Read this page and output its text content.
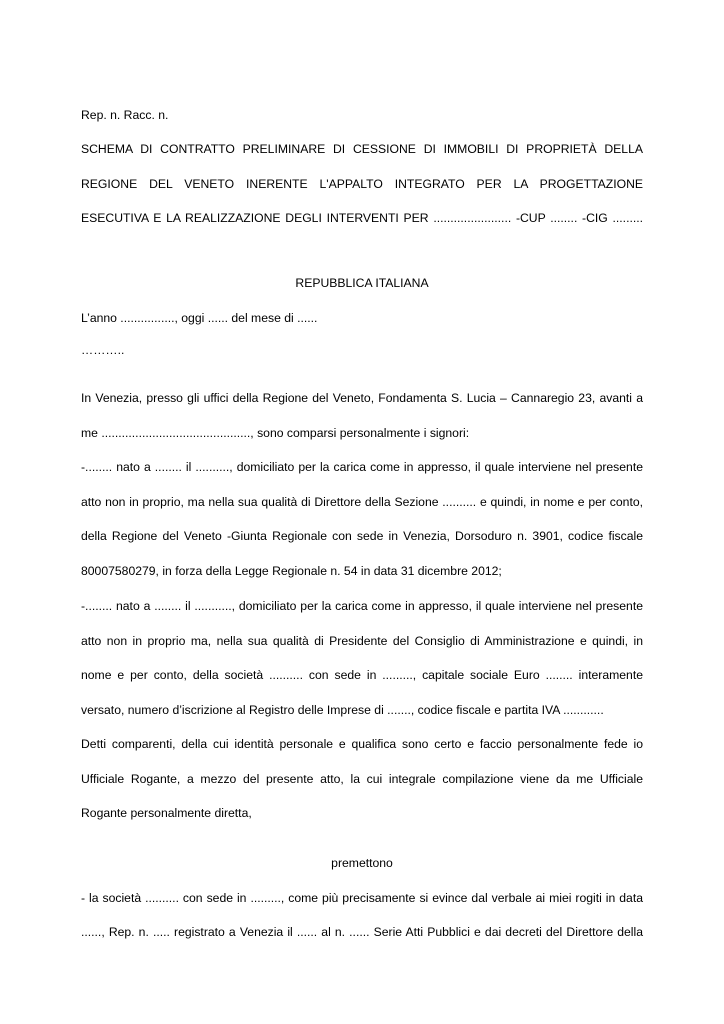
Rep. n. Racc. n.
SCHEMA DI CONTRATTO PRELIMINARE DI CESSIONE DI IMMOBILI DI PROPRIETÀ DELLA
REGIONE DEL VENETO INERENTE L'APPALTO INTEGRATO PER LA PROGETTAZIONE
ESECUTIVA E LA REALIZZAZIONE DEGLI INTERVENTI PER ....................... -CUP ........ -CIG .........
REPUBBLICA ITALIANA
L’anno ................, oggi ...... del mese di ......
………..
In Venezia, presso gli uffici della Regione del Veneto, Fondamenta S. Lucia – Cannaregio 23, avanti a
me ............................................, sono comparsi personalmente i signori:
-........ nato a ........ il .........., domiciliato per la carica come in appresso, il quale interviene nel presente
atto non in proprio, ma nella sua qualità di Direttore della Sezione .......... e quindi, in nome e per conto,
della Regione del Veneto -Giunta Regionale con sede in Venezia, Dorsoduro n. 3901, codice fiscale
80007580279, in forza della Legge Regionale n. 54 in data 31 dicembre 2012;
-........ nato a ........ il ..........., domiciliato per la carica come in appresso, il quale interviene nel presente
atto non in proprio ma, nella sua qualità di Presidente del Consiglio di Amministrazione e quindi, in
nome e per conto, della società .......... con sede in ........., capitale sociale Euro ........ interamente
versato, numero d’iscrizione al Registro delle Imprese di ......., codice fiscale e partita IVA ............
Detti comparenti, della cui identità personale e qualifica sono certo e faccio personalmente fede io
Ufficiale Rogante, a mezzo del presente atto, la cui integrale compilazione viene da me Ufficiale
Rogante personalmente diretta,
premettono
- la società .......... con sede in ........., come più precisamente si evince dal verbale ai miei rogiti in data
......, Rep. n. ..... registrato a Venezia il ...... al n. ...... Serie Atti Pubblici e dai decreti del Direttore della
